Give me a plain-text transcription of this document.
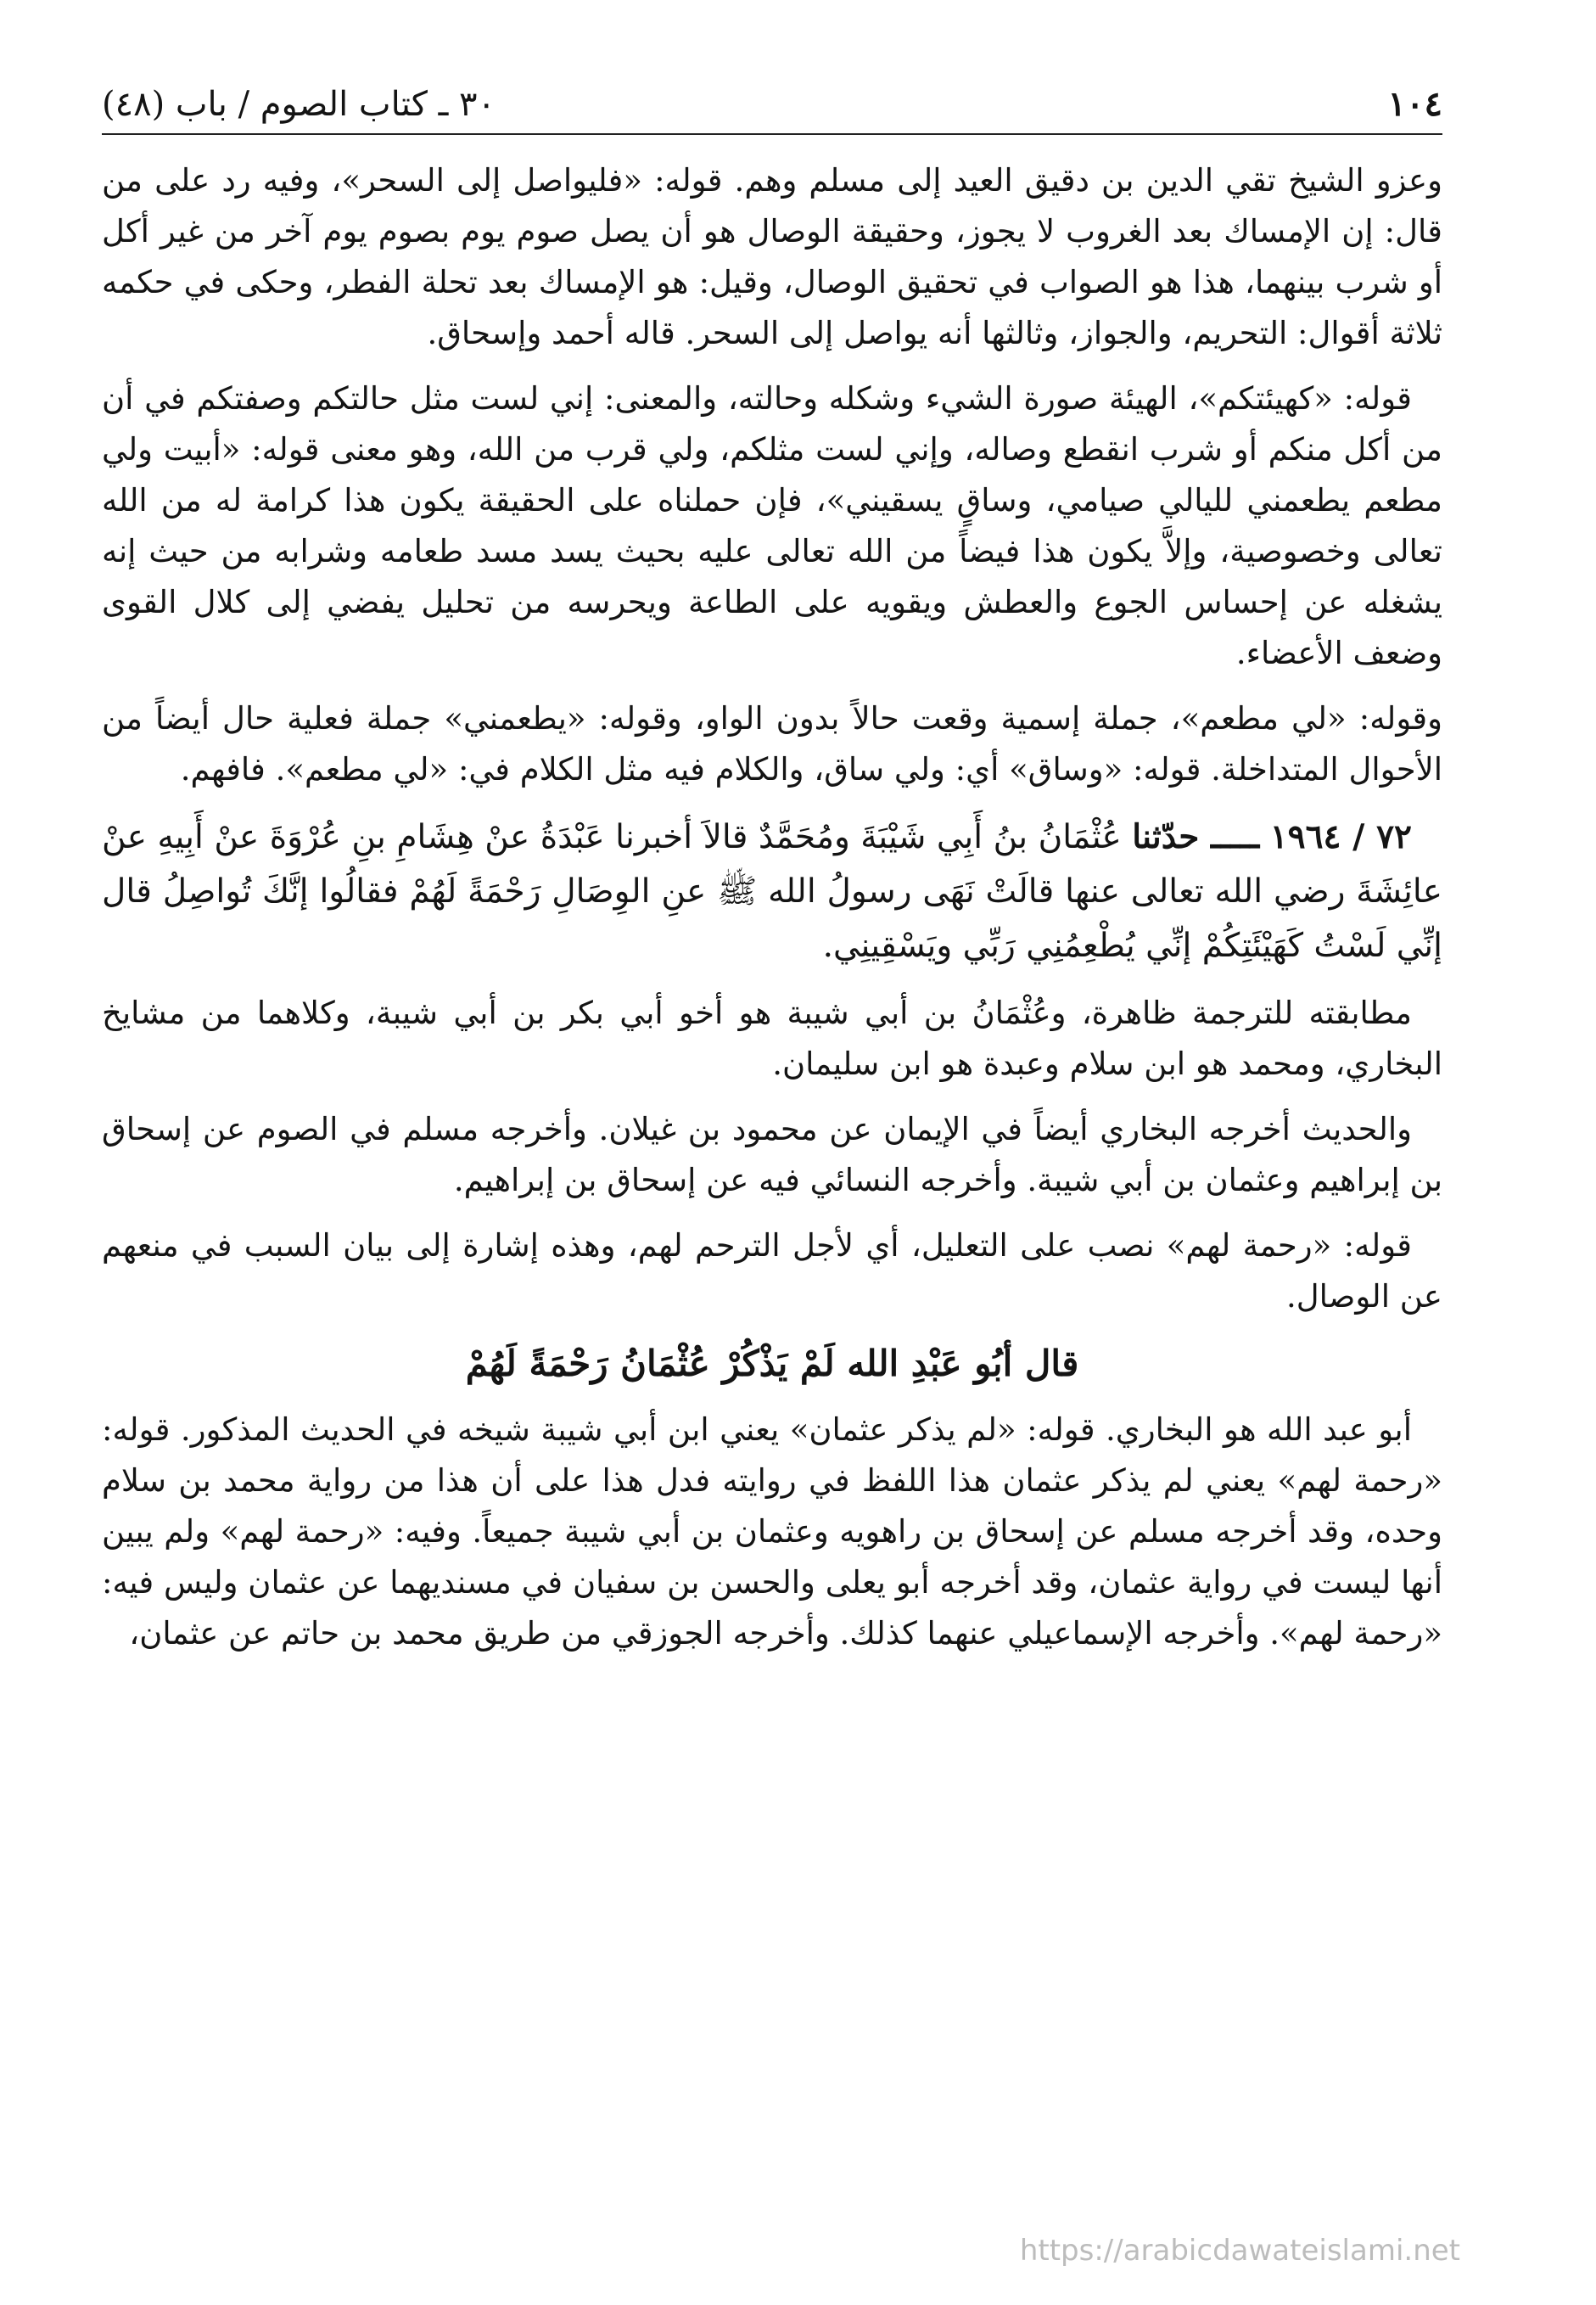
١٠٤
٣٠ ـ كتاب الصوم / باب (٤٨)

وعزو الشيخ تقي الدين بن دقيق العيد إلى مسلم وهم. قوله: «فليواصل إلى السحر»، وفيه رد على من قال: إن الإمساك بعد الغروب لا يجوز، وحقيقة الوصال هو أن يصل صوم يوم بصوم يوم آخر من غير أكل أو شرب بينهما، هذا هو الصواب في تحقيق الوصال، وقيل: هو الإمساك بعد تحلة الفطر، وحكى في حكمه ثلاثة أقوال: التحريم، والجواز، وثالثها أنه يواصل إلى السحر. قاله أحمد وإسحاق.

قوله: «كهيئتكم»، الهيئة صورة الشيء وشكله وحالته، والمعنى: إني لست مثل حالتكم وصفتكم في أن من أكل منكم أو شرب انقطع وصاله، وإني لست مثلكم، ولي قرب من الله، وهو معنى قوله: «أبيت ولي مطعم يطعمني لليالي صيامي، وساقٍ يسقيني»، فإن حملناه على الحقيقة يكون هذا كرامة له من الله تعالى وخصوصية، وإلاَّ يكون هذا فيضاً من الله تعالى عليه بحيث يسد مسد طعامه وشرابه من حيث إنه يشغله عن إحساس الجوع والعطش ويقويه على الطاعة ويحرسه من تحليل يفضي إلى كلال القوى وضعف الأعضاء.

وقوله: «لي مطعم»، جملة إسمية وقعت حالاً بدون الواو، وقوله: «يطعمني» جملة فعلية حال أيضاً من الأحوال المتداخلة. قوله: «وساق» أي: ولي ساق، والكلام فيه مثل الكلام في: «لي مطعم». فافهم.

٧٢ / ١٩٦٤ ـــــ حدّثنا عُثْمَانُ بنُ أَبِي شَيْبَةَ ومُحَمَّدٌ قالاَ أخبرنا عَبْدَةُ عنْ هِشَامِ بنِ عُرْوَةَ عنْ أَبِيهِ عنْ عائِشَةَ رضي الله تعالى عنها قالَتْ نَهَى رسولُ الله ﷺ عنِ الوِصَالِ رَحْمَةً لَهُمْ فقالُوا إنَّكَ تُواصِلُ قال إنِّي لَسْتُ كَهَيْئَتِكُمْ إنِّي يُطْعِمُنِي رَبِّي ويَسْقِينِي.

مطابقته للترجمة ظاهرة، وعُثْمَانُ بن أبي شيبة هو أخو أبي بكر بن أبي شيبة، وكلاهما من مشايخ البخاري، ومحمد هو ابن سلام وعبدة هو ابن سليمان.

والحديث أخرجه البخاري أيضاً في الإيمان عن محمود بن غيلان. وأخرجه مسلم في الصوم عن إسحاق بن إبراهيم وعثمان بن أبي شيبة. وأخرجه النسائي فيه عن إسحاق بن إبراهيم.

قوله: «رحمة لهم» نصب على التعليل، أي لأجل الترحم لهم، وهذه إشارة إلى بيان السبب في منعهم عن الوصال.

قال أبُو عَبْدِ الله لَمْ يَذْكُرْ عُثْمَانُ رَحْمَةً لَهُمْ

أبو عبد الله هو البخاري. قوله: «لم يذكر عثمان» يعني ابن أبي شيبة شيخه في الحديث المذكور. قوله: «رحمة لهم» يعني لم يذكر عثمان هذا اللفظ في روايته فدل هذا على أن هذا من رواية محمد بن سلام وحده، وقد أخرجه مسلم عن إسحاق بن راهويه وعثمان بن أبي شيبة جميعاً. وفيه: «رحمة لهم» ولم يبين أنها ليست في رواية عثمان، وقد أخرجه أبو يعلى والحسن بن سفيان في مسنديهما عن عثمان وليس فيه: «رحمة لهم». وأخرجه الإسماعيلي عنهما كذلك. وأخرجه الجوزقي من طريق محمد بن حاتم عن عثمان،

https://arabicdawateislami.net
